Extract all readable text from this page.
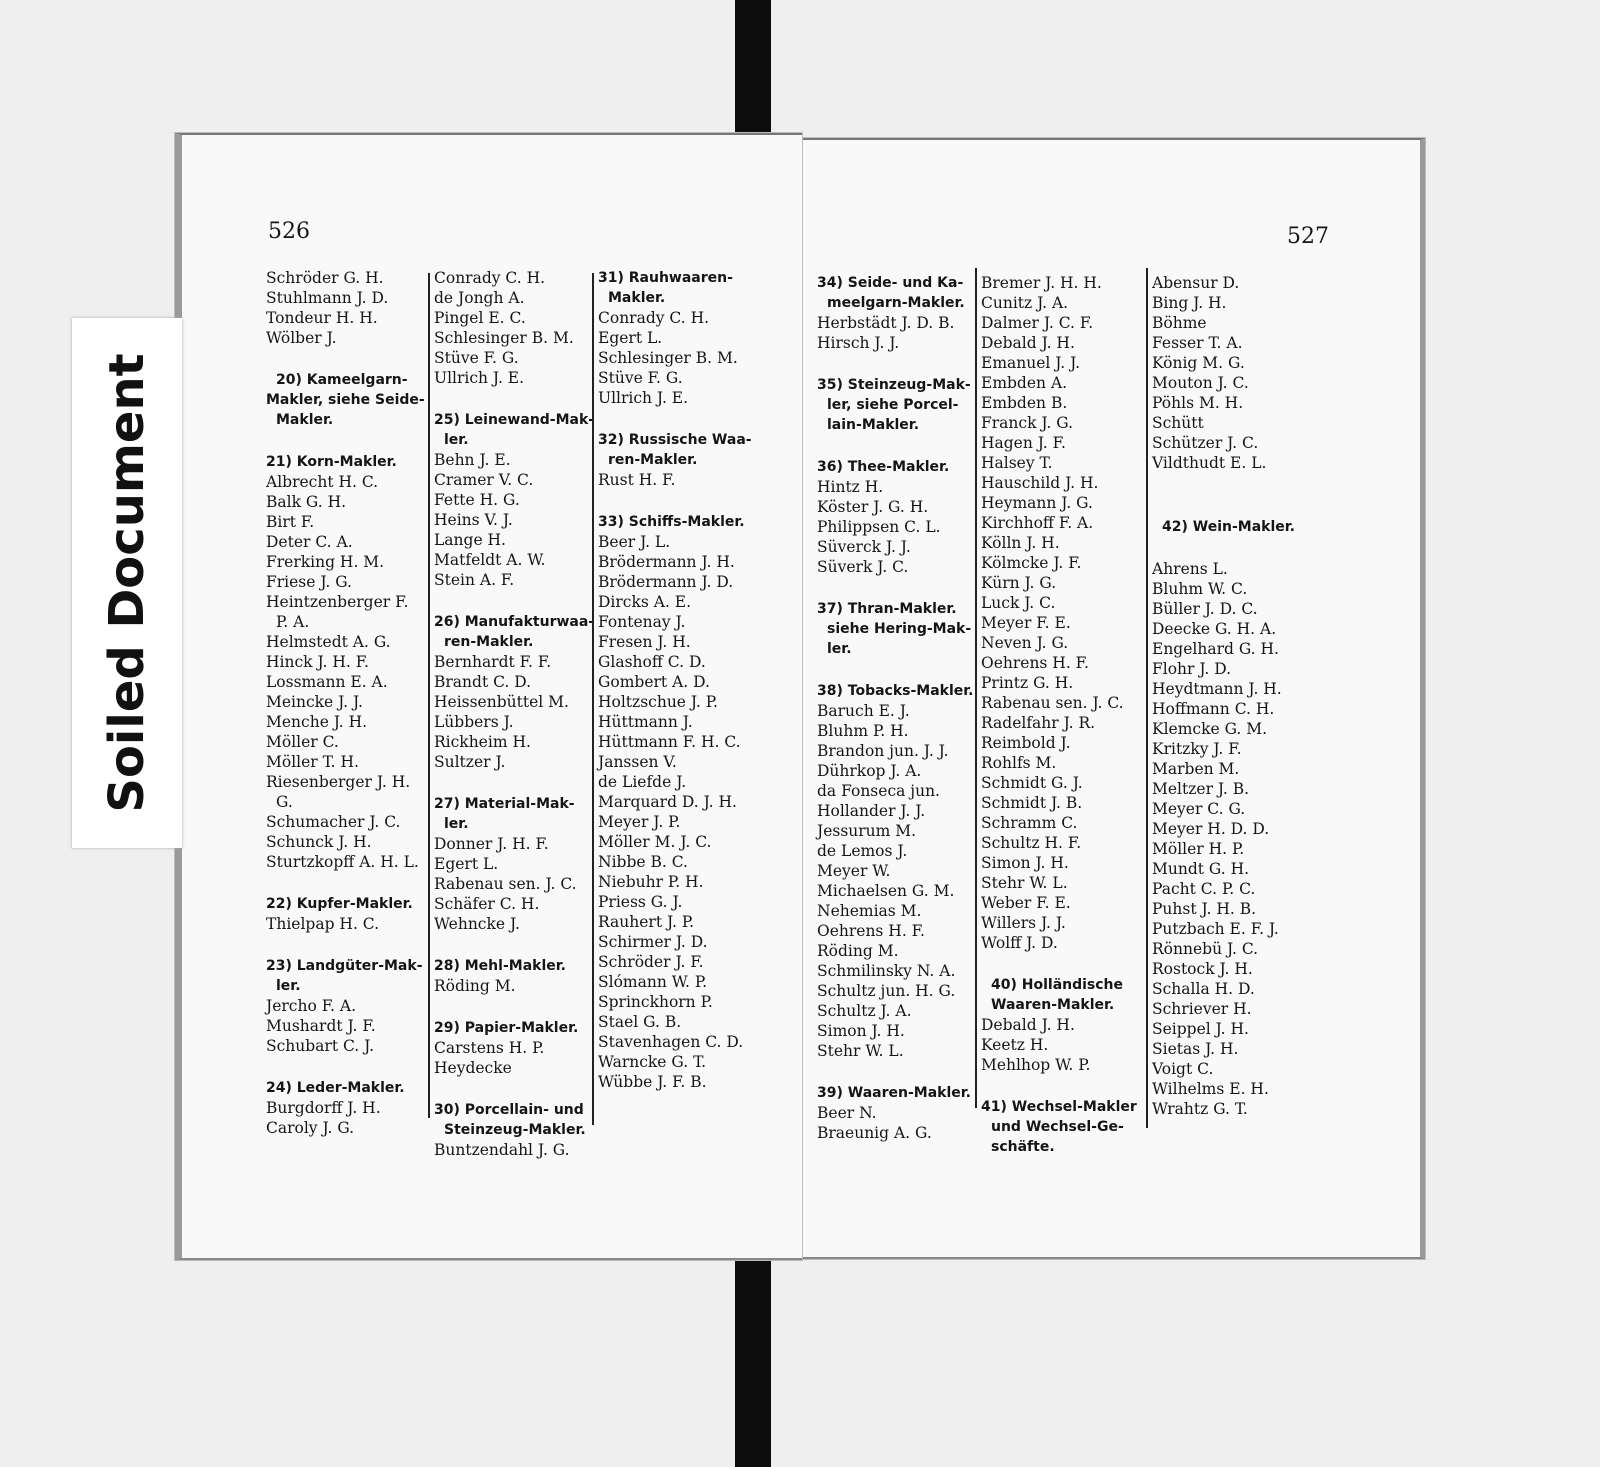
526
Schröder G. H.
Stuhlmann J. D.
Tondeur H. H.
Wölber J.
20) Kameelgarn-
Makler, siehe Seide-
Makler.
21) Korn-Makler.
Albrecht H. C.
Balk G. H.
Birt F.
Deter C. A.
Frerking H. M.
Friese J. G.
Heintzenberger F.
P. A.
Helmstedt A. G.
Hinck J. H. F.
Lossmann E. A.
Meincke J. J.
Menche J. H.
Möller C.
Möller T. H.
Riesenberger J. H.
G.
Schumacher J. C.
Schunck J. H.
Sturtzkopff A. H. L.
22) Kupfer-Makler.
Thielpap H. C.
23) Landgüter-Mak-
ler.
Jercho F. A.
Mushardt J. F.
Schubart C. J.
24) Leder-Makler.
Burgdorff J. H.
Caroly J. G.
Conrady C. H.
de Jongh A.
Pingel E. C.
Schlesinger B. M.
Stüve F. G.
Ullrich J. E.
25) Leinewand-Mak-
ler.
Behn J. E.
Cramer V. C.
Fette H. G.
Heins V. J.
Lange H.
Matfeldt A. W.
Stein A. F.
26) Manufakturwaa-
ren-Makler.
Bernhardt F. F.
Brandt C. D.
Heissenbüttel M.
Lübbers J.
Rickheim H.
Sultzer J.
27) Material-Mak-
ler.
Donner J. H. F.
Egert L.
Rabenau sen. J. C.
Schäfer C. H.
Wehncke J.
28) Mehl-Makler.
Röding M.
29) Papier-Makler.
Carstens H. P.
Heydecke
30) Porcellain- und
Steinzeug-Makler.
Buntzendahl J. G.
31) Rauhwaaren-
Makler.
Conrady C. H.
Egert L.
Schlesinger B. M.
Stüve F. G.
Ullrich J. E.
32) Russische Waa-
ren-Makler.
Rust H. F.
33) Schiffs-Makler.
Beer J. L.
Brödermann J. H.
Brödermann J. D.
Dircks A. E.
Fontenay J.
Fresen J. H.
Glashoff C. D.
Gombert A. D.
Holtzschue J. P.
Hüttmann J.
Hüttmann F. H. C.
Janssen V.
de Liefde J.
Marquard D. J. H.
Meyer J. P.
Möller M. J. C.
Nibbe B. C.
Niebuhr P. H.
Priess G. J.
Rauhert J. P.
Schirmer J. D.
Schröder J. F.
Slómann W. P.
Sprinckhorn P.
Stael G. B.
Stavenhagen C. D.
Warncke G. T.
Wübbe J. F. B.
527
34) Seide- und Ka-
meelgarn-Makler.
Herbstädt J. D. B.
Hirsch J. J.
35) Steinzeug-Mak-
ler, siehe Porcel-
lain-Makler.
36) Thee-Makler.
Hintz H.
Köster J. G. H.
Philippsen C. L.
Süverck J. J.
Süverk J. C.
37) Thran-Makler.
siehe Hering-Mak-
ler.
38) Tobacks-Makler.
Baruch E. J.
Bluhm P. H.
Brandon jun. J. J.
Dührkop J. A.
da Fonseca jun.
Hollander J. J.
Jessurum M.
de Lemos J.
Meyer W.
Michaelsen G. M.
Nehemias M.
Oehrens H. F.
Röding M.
Schmilinsky N. A.
Schultz jun. H. G.
Schultz J. A.
Simon J. H.
Stehr W. L.
39) Waaren-Makler.
Beer N.
Braeunig A. G.
Bremer J. H. H.
Cunitz J. A.
Dalmer J. C. F.
Debald J. H.
Emanuel J. J.
Embden A.
Embden B.
Franck J. G.
Hagen J. F.
Halsey T.
Hauschild J. H.
Heymann J. G.
Kirchhoff F. A.
Kölln J. H.
Kölmcke J. F.
Kürn J. G.
Luck J. C.
Meyer F. E.
Neven J. G.
Oehrens H. F.
Printz G. H.
Rabenau sen. J. C.
Radelfahr J. R.
Reimbold J.
Rohlfs M.
Schmidt G. J.
Schmidt J. B.
Schramm C.
Schultz H. F.
Simon J. H.
Stehr W. L.
Weber F. E.
Willers J. J.
Wolff J. D.
40) Holländische
Waaren-Makler.
Debald J. H.
Keetz H.
Mehlhop W. P.
41) Wechsel-Makler
und Wechsel-Ge-
schäfte.
Abensur D.
Bing J. H.
Böhme
Fesser T. A.
König M. G.
Mouton J. C.
Pöhls M. H.
Schütt
Schützer J. C.
Vildthudt E. L.
42) Wein-Makler.
Ahrens L.
Bluhm W. C.
Büller J. D. C.
Deecke G. H. A.
Engelhard G. H.
Flohr J. D.
Heydtmann J. H.
Hoffmann C. H.
Klemcke G. M.
Kritzky J. F.
Marben M.
Meltzer J. B.
Meyer C. G.
Meyer H. D. D.
Möller H. P.
Mundt G. H.
Pacht C. P. C.
Puhst J. H. B.
Putzbach E. F. J.
Rönnebü J. C.
Rostock J. H.
Schalla H. D.
Schriever H.
Seippel J. H.
Sietas J. H.
Voigt C.
Wilhelms E. H.
Wrahtz G. T.
Soiled Document
